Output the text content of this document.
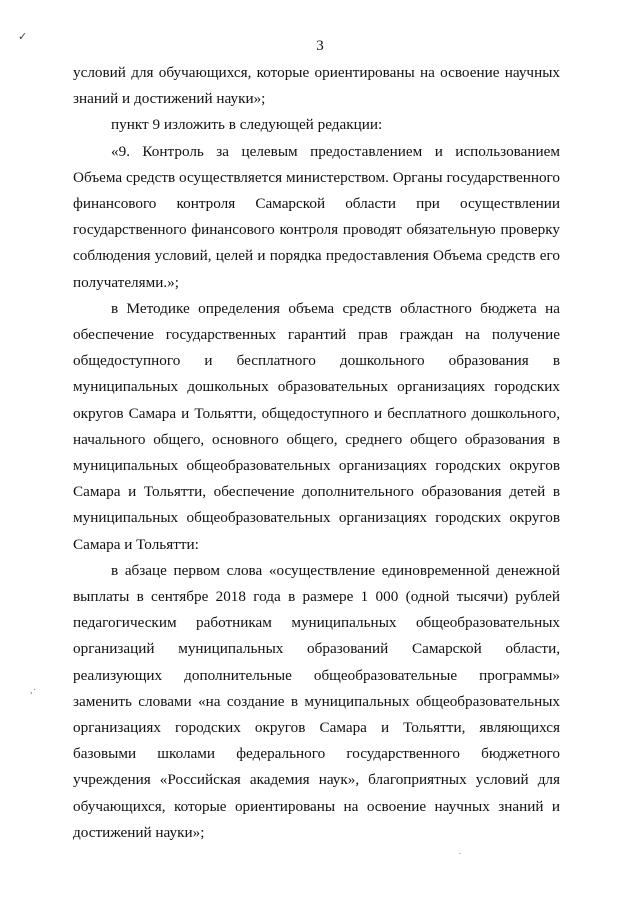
✓
,·
·
3

условий для обучающихся, которые ориентированы на освоение научных знаний и достижений науки»;

пункт 9 изложить в следующей редакции:

«9. Контроль за целевым предоставлением и использованием Объема средств осуществляется министерством. Органы государственного финансового контроля Самарской области при осуществлении государственного финансового контроля проводят обязательную проверку соблюдения условий, целей и порядка предоставления Объема средств его получателями.»;

в Методике определения объема средств областного бюджета на обеспечение государственных гарантий прав граждан на получение общедоступного и бесплатного дошкольного образования в муниципальных дошкольных образовательных организациях городских округов Самара и Тольятти, общедоступного и бесплатного дошкольного, начального общего, основного общего, среднего общего образования в муниципальных общеобразовательных организациях городских округов Самара и Тольятти, обеспечение дополнительного образования детей в муниципальных общеобразовательных организациях городских округов Самара и Тольятти:

в абзаце первом слова «осуществление единовременной денежной выплаты в сентябре 2018 года в размере 1 000 (одной тысячи) рублей педагогическим работникам муниципальных общеобразовательных организаций муниципальных образований Самарской области, реализующих дополнительные общеобразовательные программы» заменить словами «на создание в муниципальных общеобразовательных организациях городских округов Самара и Тольятти, являющихся базовыми школами федерального государственного бюджетного учреждения «Российская академия наук», благоприятных условий для обучающихся, которые ориентированы на освоение научных знаний и достижений науки»;
